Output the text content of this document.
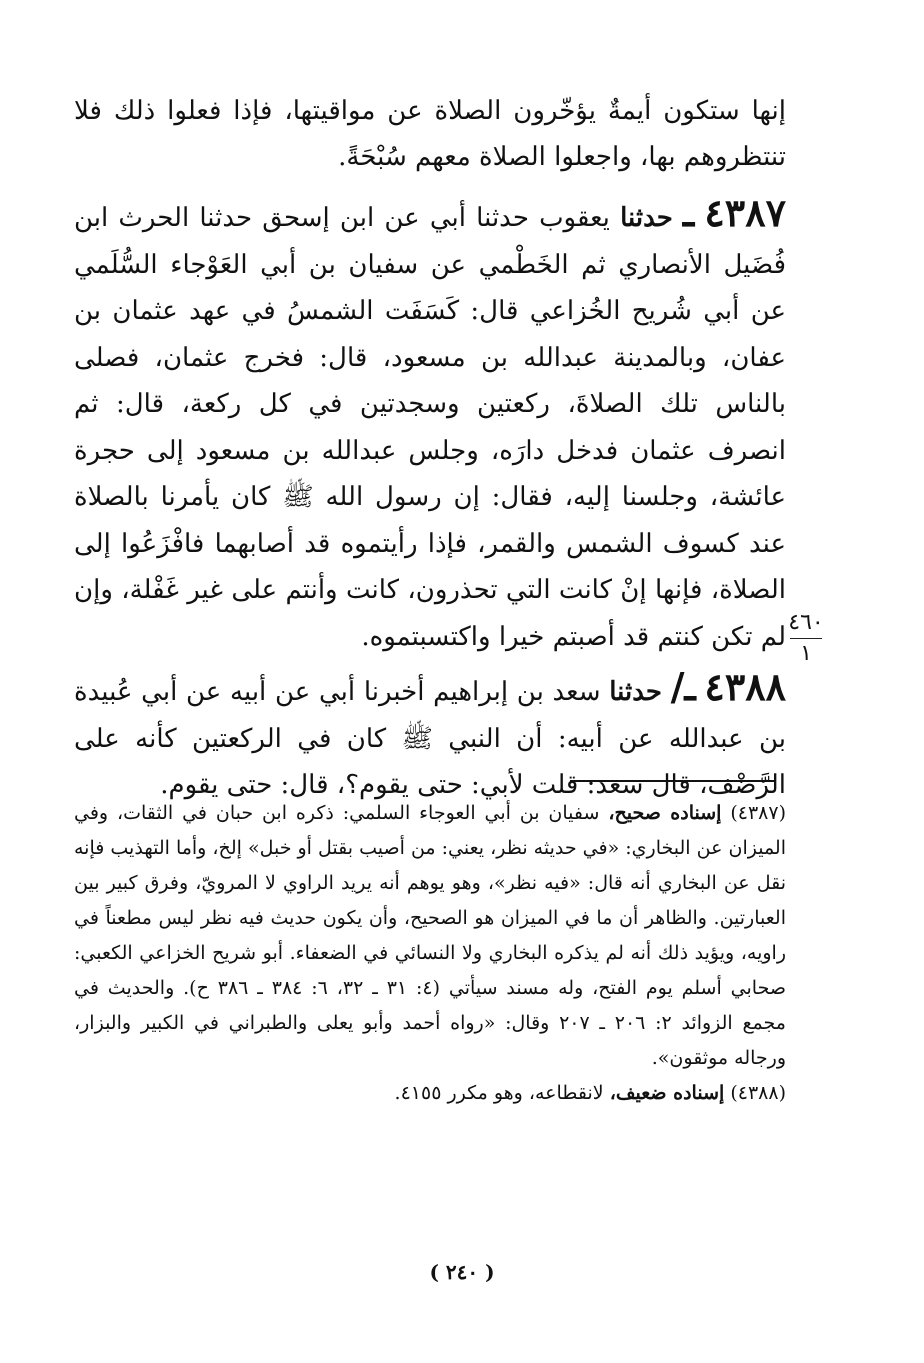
إنها ستكون أيمةٌ يؤخّرون الصلاة عن مواقيتها، فإذا فعلوا ذلك فلا تنتظروهم بها، واجعلوا الصلاة معهم سُبْحَةً.

٤٣٨٧ ـ حدثنا يعقوب حدثنا أبي عن ابن إسحق حدثنا الحرث ابن فُضَيل الأنصاري ثم الخَطْمي عن سفيان بن أبي العَوْجاء السُّلَمي عن أبي شُريح الخُزاعي قال: كَسَفَت الشمسُ في عهد عثمان بن عفان، وبالمدينة عبدالله بن مسعود، قال: فخرج عثمان، فصلى بالناس تلك الصلاةَ، ركعتين وسجدتين في كل ركعة، قال: ثم انصرف عثمان فدخل دارَه، وجلس عبدالله بن مسعود إلى حجرة عائشة، وجلسنا إليه، فقال: إن رسول الله ﷺ كان يأمرنا بالصلاة عند كسوف الشمس والقمر، فإذا رأيتموه قد أصابهما فافْزَعُوا إلى الصلاة، فإنها إنْ كانت التي تحذرون، كانت وأنتم على غير غَفْلة، وإن لم تكن كنتم قد أصبتم خيرا واكتسبتموه.

٤٣٨٨ ـ/ حدثنا سعد بن إبراهيم أخبرنا أبي عن أبيه عن أبي عُبيدة بن عبدالله عن أبيه: أن النبي ﷺ كان في الركعتين كأنه على الرَّضْف، قال سعد: قلت لأبي: حتى يقوم؟، قال: حتى يقوم.

٤٦٠
١

(٤٣٨٧) إسناده صحيح، سفيان بن أبي العوجاء السلمي: ذكره ابن حبان في الثقات، وفي الميزان عن البخاري: «في حديثه نظر، يعني: من أصيب بقتل أو خبل» إلخ، وأما التهذيب فإنه نقل عن البخاري أنه قال: «فيه نظر»، وهو يوهم أنه يريد الراوي لا المرويّ، وفرق كبير بين العبارتين. والظاهر أن ما في الميزان هو الصحيح، وأن يكون حديث فيه نظر ليس مطعناً في راويه، ويؤيد ذلك أنه لم يذكره البخاري ولا النسائي في الضعفاء. أبو شريح الخزاعي الكعبي: صحابي أسلم يوم الفتح، وله مسند سيأتي (٤: ٣١ ـ ٣٢، ٦: ٣٨٤ ـ ٣٨٦ ح). والحديث في مجمع الزوائد ٢: ٢٠٦ ـ ٢٠٧ وقال: «رواه أحمد وأبو يعلى والطبراني في الكبير والبزار، ورجاله موثقون».

(٤٣٨٨) إسناده ضعيف، لانقطاعه، وهو مكرر ٤١٥٥.

( ٢٤٠ )
